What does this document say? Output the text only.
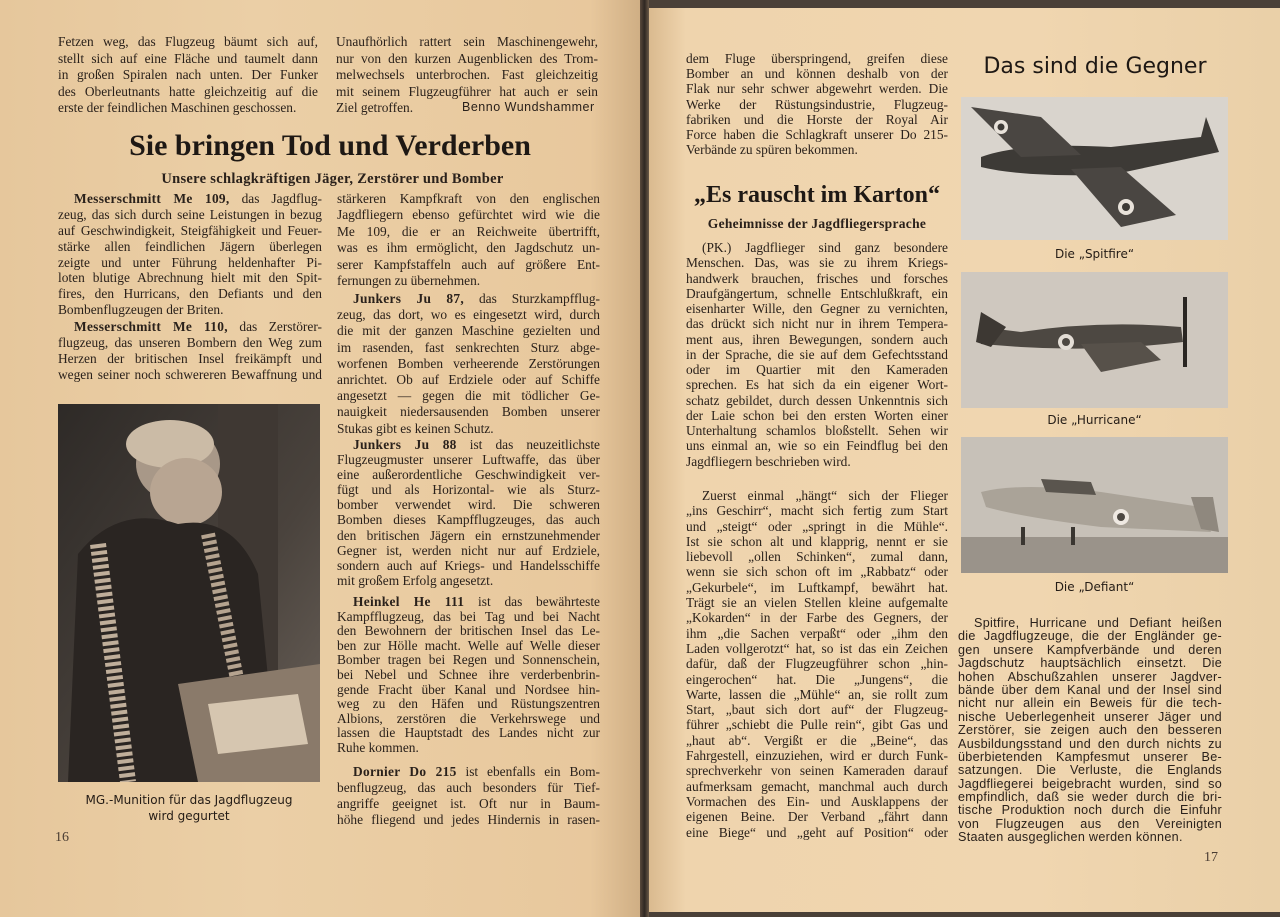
Fetzen weg, das Flugzeug bäumt sich auf,
stellt sich auf eine Fläche und taumelt dann
in großen Spiralen nach unten. Der Funker
des Oberleutnants hatte gleichzeitig auf die
erste der feindlichen Maschinen geschossen.
Unaufhörlich rattert sein Maschinengewehr,
nur von den kurzen Augenblicken des Trom-
melwechsels unterbrochen. Fast gleichzeitig
mit seinem Flugzeugführer hat auch er sein
Ziel getroffen.	Benno Wundshammer
Sie bringen Tod und Verderben
Unsere schlagkräftigen Jäger, Zerstörer und Bomber
Messerschmitt Me 109, das Jagdflug-
zeug, das sich durch seine Leistungen in bezug
auf Geschwindigkeit, Steigfähigkeit und Feuer-
stärke allen feindlichen Jägern überlegen
zeigte und unter Führung heldenhafter Pi-
loten blutige Abrechnung hielt mit den Spit-
fires, den Hurricans, den Defiants und den
Bombenflugzeugen der Briten.
Messerschmitt Me 110, das Zerstörer-
flugzeug, das unseren Bombern den Weg zum
Herzen der britischen Insel freikämpft und
wegen seiner noch schwereren Bewaffnung und
MG.-Munition für das Jagdflugzeug
wird gegurtet
16
stärkeren Kampfkraft von den englischen
Jagdfliegern ebenso gefürchtet wird wie die
Me 109, die er an Reichweite übertrifft,
was es ihm ermöglicht, den Jagdschutz un-
serer Kampfstaffeln auch auf größere Ent-
fernungen zu übernehmen.
Junkers Ju 87, das Sturzkampfflug-
zeug, das dort, wo es eingesetzt wird, durch
die mit der ganzen Maschine gezielten und
im rasenden, fast senkrechten Sturz abge-
worfenen Bomben verheerende Zerstörungen
anrichtet. Ob auf Erdziele oder auf Schiffe
angesetzt — gegen die mit tödlicher Ge-
nauigkeit niedersausenden Bomben unserer
Stukas gibt es keinen Schutz.
Junkers Ju 88 ist das neuzeitlichste
Flugzeugmuster unserer Luftwaffe, das über
eine außerordentliche Geschwindigkeit ver-
fügt und als Horizontal- wie als Sturz-
bomber verwendet wird. Die schweren
Bomben dieses Kampfflugzeuges, das auch
den britischen Jägern ein ernstzunehmender
Gegner ist, werden nicht nur auf Erdziele,
sondern auch auf Kriegs- und Handelsschiffe
mit großem Erfolg angesetzt.
Heinkel He 111 ist das bewährteste
Kampfflugzeug, das bei Tag und bei Nacht
den Bewohnern der britischen Insel das Le-
ben zur Hölle macht. Welle auf Welle dieser
Bomber tragen bei Regen und Sonnenschein,
bei Nebel und Schnee ihre verderbenbrin-
gende Fracht über Kanal und Nordsee hin-
weg zu den Häfen und Rüstungszentren
Albions, zerstören die Verkehrswege und
lassen die Hauptstadt des Landes nicht zur
Ruhe kommen.
Dornier Do 215 ist ebenfalls ein Bom-
benflugzeug, das auch besonders für Tief-
angriffe geeignet ist. Oft nur in Baum-
höhe fliegend und jedes Hindernis in rasen-
dem Fluge überspringend, greifen diese
Bomber an und können deshalb von der
Flak nur sehr schwer abgewehrt werden. Die
Werke der Rüstungsindustrie, Flugzeug-
fabriken und die Horste der Royal Air
Force haben die Schlagkraft unserer Do 215-
Verbände zu spüren bekommen.
„Es rauscht im Karton“
Geheimnisse der Jagdfliegersprache
(PK.) Jagdflieger sind ganz besondere
Menschen. Das, was sie zu ihrem Kriegs-
handwerk brauchen, frisches und forsches
Draufgängertum, schnelle Entschlußkraft, ein
eisenharter Wille, den Gegner zu vernichten,
das drückt sich nicht nur in ihrem Tempera-
ment aus, ihren Bewegungen, sondern auch
in der Sprache, die sie auf dem Gefechtsstand
oder im Quartier mit den Kameraden
sprechen. Es hat sich da ein eigener Wort-
schatz gebildet, durch dessen Unkenntnis sich
der Laie schon bei den ersten Worten einer
Unterhaltung schamlos bloßstellt. Sehen wir
uns einmal an, wie so ein Feindflug bei den
Jagdfliegern beschrieben wird.
Zuerst einmal „hängt“ sich der Flieger
„ins Geschirr“, macht sich fertig zum Start
und „steigt“ oder „springt in die Mühle“.
Ist sie schon alt und klapprig, nennt er sie
liebevoll „ollen Schinken“, zumal dann,
wenn sie sich schon oft im „Rabbatz“ oder
„Gekurbele“, im Luftkampf, bewährt hat.
Trägt sie an vielen Stellen kleine aufgemalte
„Kokarden“ in der Farbe des Gegners, der
ihm „die Sachen verpaßt“ oder „ihm den
Laden vollgerotzt“ hat, so ist das ein Zeichen
dafür, daß der Flugzeugführer schon „hin-
eingerochen“ hat. Die „Jungens“, die
Warte, lassen die „Mühle“ an, sie rollt zum
Start, „baut sich dort auf“ der Flugzeug-
führer „schiebt die Pulle rein“, gibt Gas und
„haut ab“. Vergißt er die „Beine“, das
Fahrgestell, einzuziehen, wird er durch Funk-
sprechverkehr von seinen Kameraden darauf
aufmerksam gemacht, manchmal auch durch
Vormachen des Ein- und Ausklappens der
eigenen Beine. Der Verband „fährt dann
eine Biege“ und „geht auf Position“ oder
Das sind die Gegner
Die „Spitfire“
Die „Hurricane“
Die „Defiant“
Spitfire, Hurricane und Defiant heißen
die Jagdflugzeuge, die der Engländer ge-
gen unsere Kampfverbände und deren
Jagdschutz hauptsächlich einsetzt. Die
hohen Abschußzahlen unserer Jagdver-
bände über dem Kanal und der Insel sind
nicht nur allein ein Beweis für die tech-
nische Ueberlegenheit unserer Jäger und
Zerstörer, sie zeigen auch den besseren
Ausbildungsstand und den durch nichts zu
überbietenden Kampfesmut unserer Be-
satzungen. Die Verluste, die Englands
Jagdfliegerei beigebracht wurden, sind so
empfindlich, daß sie weder durch die bri-
tische Produktion noch durch die Einfuhr
von Flugzeugen aus den Vereinigten
Staaten ausgeglichen werden können.
17
